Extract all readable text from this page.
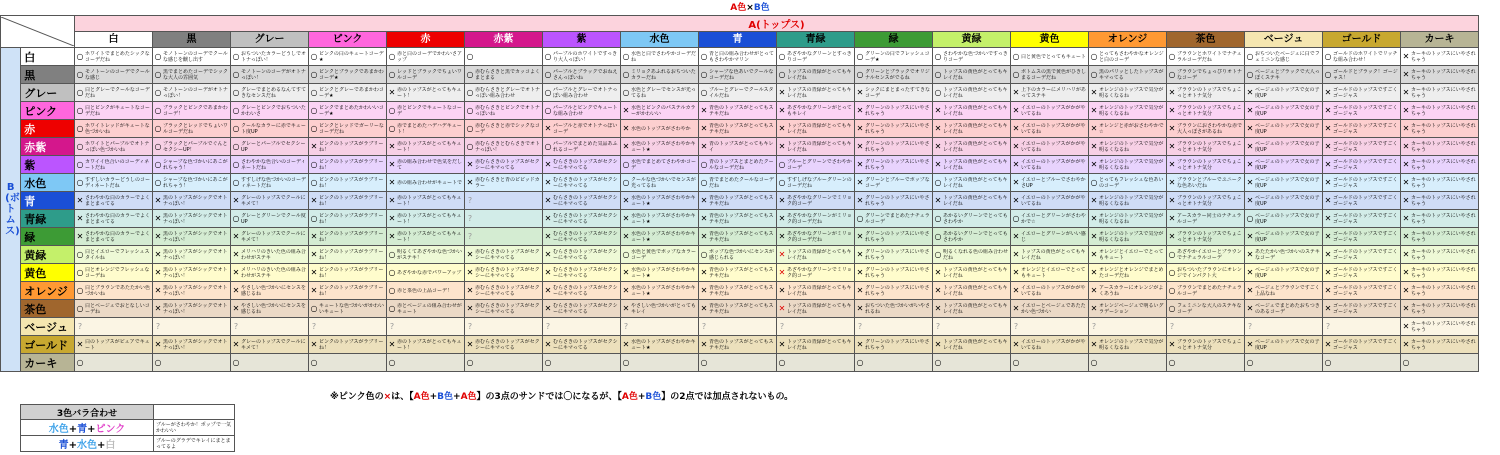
A色×B色
	A(トップス)																	
		白	黒	グレー	ピンク	赤	赤紫	紫	水色	青	青緑	緑	黄緑	黄色	オレンジ	茶色	ベージュ	ゴールド	カーキ

B(ボトムス)	白	○ ホワイトでまとめたシックなコーデだね	○ モノトーンのコーデでクールな感じを醸し出す	○ おちついたカラーどうしでオトナっぽい！	○ ピンクの白のキュートコーデ★	○ 赤と白のコーデでかわいさアップ	○	○ パープルのホワイトですっきり大人っぽい！	○ 水色と白でさわやかコーデだね	○ 青と白の組み合わせがとってもさわやかマリン	○ あざやかなグリーンとすっきりコーデ	○ グリーンの白でフレッシュコーデ★	○ さわやかな色づかいですっきりコーデ	○ 白と黄色でとってもキュート	○ とってもさわやかなオレンジと白のコーデ	○ ブラウンとホワイトでナチュラルコーデだね	○ おちついたベージュに白でフェミニンな感じ	○ ゴールドのホワイトでリッチな組み合わせ！	✕ カーキのトップスにいやされちゃう

	黒	○ モノトーンのコーデでクールな感じ	○ 黒でまとめたコーデでシックな大人の雰囲気	○ モノトーンのコーデがオトナっぽい！	○ ピンクとブラックであまかわコーデ★	○ レッドとブラックでちょいワルコーデ	○ 赤むらさきと黒でカッコよくまとまる	○ パープルとブラックでおねえさんっぽいね	○ ミリョクあふれるおちついたカラーだね	○ シャープな色あいでクールなコーデだね	○ トップスの青緑がとってもキレイだね	○ グリーンとブラックでオリジナルセンスがでるね	○ トップスの黄色がとってもキレイだね	○ ボトムスの黒で黄色がひきしまるコーデだね	○ 黒のパリッとしたトップスがキマってる	○ ブラウンでちょっぴりオトナなコーデ	○ ベージュとブラックで大人っぽくステキ	○ ゴールドとブラック！ゴージャス！	✕ カーキのトップスにいやされちゃう

	グレー	○ 白とグレーでクールなコーデだね	○ モノトーンのコーデがオトナっぽい！	○ グレーでまとめるなんてすてきなセンスだね	○ ピンクとグレーであまかわコーデ★	✕ 赤のトップスがとってもキュート！	○ 赤むらさきとグレーでオトナっぽい組み合わせ	○ パープルとグレーでオトナっぽい組み合わせ	○ 水色とグレーでセンスが光ってるね	○ ブルーとグレーでクールスタイルだね	✕ トップスの青緑がとってもキレイだね	✕ シックにまとまったすてきなコーデ	○ トップスの黄色がとってもキレイだね	✕ 上下のカラーにメリハリがあってステキ	✕ オレンジのトップスで気分が明るくなるね	✕ ブラウンのトップスでちょこっとオトナ気分	✕ ベージュのトップスで女の子度UP	✕ ゴールドのトップスですごくゴージャス	✕ カーキのトップスにいやされちゃう

	ピンク	○ 白とピンクがキュートなコーデだね	○ ブラックとピンクであまかわコーデ！	○ グレーとピンクでおちついたかわいさ	○ ピンクでまとめたかわいいコーデ★	○ 赤とピンクでキュートなコーデ	○ 赤むらさきとピンクでオトナっぽいね	○ パープルとピンクでキュートな組み合わせ	✕ 水色とピンクのパステルカラーがかわいい	✕ 青色のトップスがとってもステキだね	✕ あざやかなグリーンがとってもキレイ	✕ グリーンのトップスにいやされちゃう	✕ トップスの黄色がとってもキレイだね	✕ イエローのトップスがかがやいてるね	✕ オレンジのトップスで気分が明るくなるね	✕ ブラウンのトップスでちょこっとオトナ気分	✕ ベージュのトップスで女の子度UP	✕ ゴールドのトップスですごくゴージャス	✕ カーキのトップスにいやされちゃう

	赤	○ ホワイトレッドがキュートな色づかいね	○ ブラックとレッドでちょいワルコーデだね	○ クールなカラーに赤でキュート度UP	○ ピンクとレッドでガーリーなコーデだね	○ 赤でまとめたハデハデキュート！	○ 赤むらさきと赤でシックなコーデ	✕ パープルと赤でオトナっぽいコーデ	✕ 水色のトップスがさわやか	✕ 青色のトップスがとってもステキだね	✕ トップスの青緑がとってもキレイだね	✕ グリーンのトップスにいやされちゃう	✕ トップスの黄色がとってもキレイだね	✕ イエローのトップスがかがやいてるね	✕ オレンジと赤がおさわやかで☆	✕ ブラウンにおさわやかな赤で大人っぽさがあるね	✕ ベージュのトップスで女の子度UP	✕ ゴールドのトップスですごくゴージャス	✕ カーキのトップスにいやされちゃう

	赤紫	○ ホワイトとパープルでオトナっぽい色づかいね	○ ブラックとパープルでぐんとセクシーUP！	○ グレーとパープルでセクシーUP	✕ ピンクのトップスがラブリーね！	✕ 赤のトップスがとってもキュート！	○ 赤むらさきとむらさきでオトナっぽい！	○ パープルでまとめた気品あふれるコーデ	✕ 水色のトップスがさわやかキュート★	✕ 青のトップスがとってもキレイ	✕ トップスの青緑がとってもキレイだね	✕ グリーンのトップスにいやされちゃう	✕ トップスの黄色がとってもキレイだね	✕ イエローのトップスがかがやいてるね	✕ オレンジのトップスで気分が明るくなるね	✕ ブラウンのトップスでちょこっとオトナ気分	✕ ベージュのトップスで女の子度UP	✕ ゴールドのトップスですごくゴージャス	✕ カーキのトップスにいやされちゃう

	紫	○ カワイイ色合いのコーディネートだね	○ シャープな色づかいにあこがれちゃう！	○ さわやかな色合いのコーディネートだね	○ ピンクのトップスがラブリーね！	✕ 赤の組み合わせで色気をだして	✕ 赤むらさきのトップスがセクシーにキマってる	✕ むらさきのトップスがセクシーにキマってる	○ 水色でまとめてさわやかコーデ	○ 青のトップスとまとめたクールなコーデだね	○ ブルーとグリーンでさわやかコーデ	✕ グリーンのトップスにいやされちゃう	✕ トップスの黄色がとってもキレイだね	✕ イエローのトップスがかがやいてるね	✕ オレンジのトップスで気分が明るくなるね	✕ ブラウンのトップスでちょこっとオトナ気分	✕ ベージュのトップスで女の子度UP	✕ ゴールドのトップスですごくゴージャス	✕ カーキのトップスにいやされちゃう

	水色	○ すずしいカラーどうしのコーディネートだね	○ シャープな色づかいにあこがれちゃう！	○ すずしげな色づかいのコーディネートだね	○ ピンクのトップスがラブリーね！	✕ 赤の組み合わせがキュートで	✕ 赤むらさきと青のビビッドカラー	✕ むらさきのトップスがセクシーにキマってる	○ クールな色づかいでセンスが光ってるね	○ 青でまとめたクールなコーデだね	○ すずしげなブルーグリーンのコーデだね	✕ グリーンとブルーでポップなコーデ	○ トップスの黄色がとってもキレイだね	✕ イエローとブルーでさわやかさUP	○ とってもフレッシュな色あいのコーデ	✕ ブラウンとブルーでユニークな色あいだね	✕ ベージュのトップスで女の子度UP	✕ ゴールドのトップスですごくゴージャス	✕ カーキのトップスにいやされちゃう

	青	✕ さわやかな白のカラーでよくまとまってる	✕ 黒のトップスがシックでオトナっぽい！	✕ グレーのトップスでクールにキメて！	✕ ピンクのトップスがラブリーね！	✕ 赤のトップスがとってもキュート！	?	✕ むらさきのトップスがセクシーにキマってる	✕ 水色のトップスがさわやかキュート★	✕ 青色のトップスがとってもステキだね	✕ あざやかなグリーンでミリョク的コーデ	✕ グリーンのトップスにいやされちゃう	✕ トップスの黄色がとってもキレイだね	✕ イエローのトップスがかがやいてるね	✕ オレンジのトップスで気分が明るくなるね	✕ ブラウンのトップスでちょこっとオトナ気分	✕ ベージュのトップスで女の子度UP	✕ ゴールドのトップスですごくゴージャス	✕ カーキのトップスにいやされちゃう

	青緑	✕ さわやかな白のカラーでよくまとまってる	✕ 黒のトップスがシックでオトナっぽい！	○ グレーとグリーンでクール度UP	○ ピンクのトップスがラブリーね！	✕ 赤のトップスがとってもキュート！	?	✕ むらさきのトップスがセクシーにキマってる	✕ 水色のトップスがさわやかキュート★	✕ 青色のトップスがとってもステキだね	✕ あざやかなグリーンがミリョク的コーデだね	○ グリーンでまとめたナチュラルコーデ	○ あかるいグリーンでとってもさわやか	○ イエローとグリーンがさわやかで☆	✕ オレンジのトップスで気分が明るくなるね	✕ アースカラー同士のナチュラルコーデ	○ ベージュのトップスで女の子度UP	✕ ゴールドのトップスですごくゴージャス	✕ カーキのトップスにいやされちゃう

	緑	✕ さわやかな白のカラーでよくまとまってる	✕ 黒のトップスがシックでオトナっぽい！	✕ グレーのトップスでクールにキメて！	✕ ピンクのトップスがラブリーね！	✕ 赤のトップスがとってもキュート！	?	✕ むらさきのトップスがセクシーにキマってる	✕ 水色のトップスがさわやかキュート★	✕ 青色のトップスがとってもステキだね	✕ あざやかなグリーンがミリョク的コーデだね	✕ グリーンのトップスにいやされちゃう	○ あかるいグリーンでとってもさわやか	✕ イエローとグリーンがいい感じ	✕ オレンジのトップスで気分が明るくなるね	✕ ブラウンのトップスでちょこっとオトナ気分	✕ ベージュのトップスで女の子度UP	✕ ゴールドのトップスですごくゴージャス	✕ カーキのトップスにいやされちゃう

	黄緑	○ 白とイエローでフレッシュスタイルね	✕ 黒のトップスがシックでオトナっぽい！	✕ メリハリのきいた色の組み合わせがステキ	✕ ピンクのトップスがラブリーね！	○ 明るくてあざやかな色づかいがステキ！	✕ 赤むらさきのトップスがセクシーにキマってる	✕ むらさきのトップスがセクシーにキマってる	○ 水色と黄色でポップなカラーコーデ	○ ポップな色づかいにセンスが感じられる	✕ トップスの青緑がとってもキレイだね	✕ グリーンのトップスにいやされちゃう	○ 明るくなれる色の組み合わせだね	✕ トップスの黄色がとってもキレイだね	✕ オレンジとイエローでとってもキュート	○ あざやかイエローとブラウンでナチュラルコーデ	✕ あたたかい色づかいのステキなコーデ	✕ ゴールドのトップスですごくゴージャス	✕ カーキのトップスにいやされちゃう

	黄色	○ 白とオレンジでフレッシュなコーデね	✕ 黒のトップスがシックでオトナっぽい！	✕ メリハリのきいた色の組み合わせがステキ	✕ ピンクのトップスがラブリーね！	○ あざやかな赤でパワーアップ	✕ 赤むらさきのトップスがセクシーにキマってる	✕ むらさきのトップスがセクシーにキマってる	✕ 水色のトップスがさわやかキュート★	✕ 青色のトップスがとってもステキだね	✕ あざやかなグリーンでミリョク的コーデ	✕ グリーンのトップスにいやされちゃう	✕ トップスの黄色がとってもキレイだね	✕ オレンジとイエローでとってもキュート	✕ オレンジとオレンジでまとめたコーデだね	○ おちついたブラウンにオレンジでインパクト大	✕ ベージュのトップスで女の子度UP	✕ ゴールドのトップスですごくゴージャス	✕ カーキのトップスにいやされちゃう

	オレンジ	○ 白とブラウンであたたかい色づかいね	✕ 黒のトップスがシックでオトナっぽい！	✕ やさしい色づかいにセンスを感じるね	✕ ピンクのトップスがラブリーね！	○ 赤と茶色の上品コーデ！	✕ 赤むらさきのトップスがセクシーにキマってる	✕ むらさきのトップスがセクシーにキマってる	✕ 水色のトップスがさわやかキュート★	✕ 青色のトップスがとってもステキだね	✕ トップスの青緑がとってもキレイだね	✕ グリーンのトップスにいやされちゃう	✕ トップスの黄色がとってもキレイだね	✕ イエローのトップスがかがやいてるね	✕ アースカラーにオレンジがよくあうね	○ ブラウンでまとめたナチュラルコーデ	✕ ベージュとブラウンですごく上品なね	✕ ゴールドのトップスですごくゴージャス	✕ カーキのトップスにいやされちゃう

	茶色	○ 白とベージュでおとなしいコーデね	✕ 黒のトップスがシックでオトナっぽい！	✕ やさしい色づかいにセンスを感じるね	○ キュートな色づかいがかわいいキュート	○ 赤とベージュの組み合わせがキュート	✕ 赤むらさきのトップスがセクシーにキマってる	✕ むらさきのトップスがセクシーにキマってる	✕ やさしい色づかいがとってもキレイ	✕ 青色のトップスがとってもステキだね	✕ トップスの青緑がとってもキレイだね	✕ おちついた色づかいがいやされるね	✕ トップスの黄色がとってもキレイだね	✕ イエローとベージュであたたかい色づかい	✕ オレンジベージュで明るいグラデーション	○ フェミニンな大人のステキなコーデ	✕ ベージュでまとめたおちつきのあるコーデ	✕ ゴールドのトップスですごくゴージャス	✕ カーキのトップスにいやされちゃう

	ベージュ	?	?	?	?	?	?	?	?	?	?	?	?	?	?	?	?	?	✕ カーキのトップスにいやされちゃう

	ゴールド	✕ 白のトップスがピュアでキュート	✕ 黒のトップスがシックでオトナっぽい！	✕ グレーのトップスでクールにキメて！	✕ ピンクのトップスがラブリーね！	✕ 赤のトップスがとってもキュート！	✕ 赤むらさきのトップスがセクシーにキマってる	✕ むらさきのトップスがセクシーにキマってる	✕ 水色のトップスがさわやかキュート★	✕ 青色のトップスがとってもステキだね	✕ トップスの青緑がとってもキレイだね	✕ グリーンのトップスにいやされちゃう	✕ トップスの黄色がとってもキレイだね	✕ イエローのトップスがかがやいてるね	✕ オレンジのトップスで気分が明るくなるね	✕ ブラウンのトップスでちょこっとオトナ気分	✕ ベージュのトップスで女の子度UP	✕ ゴールドのトップスですごくゴージャス	✕ カーキのトップスにいやされちゃう

	カーキ	○	○	○	○	○	○	○	○	○	○	○	○	○	○	○	○	○	○
※ピンク色の×は、【A色+B色+A色】の3点のサンドでは〇になるが、【A色+B色】の2点では加点されないもの。
3色バラ合わせ	
水色+青+ピンク	ブルーがさわやか！ポップで一気かわいい
青+水色+白	ブルーのグラデでキレイにまとまってるよ
